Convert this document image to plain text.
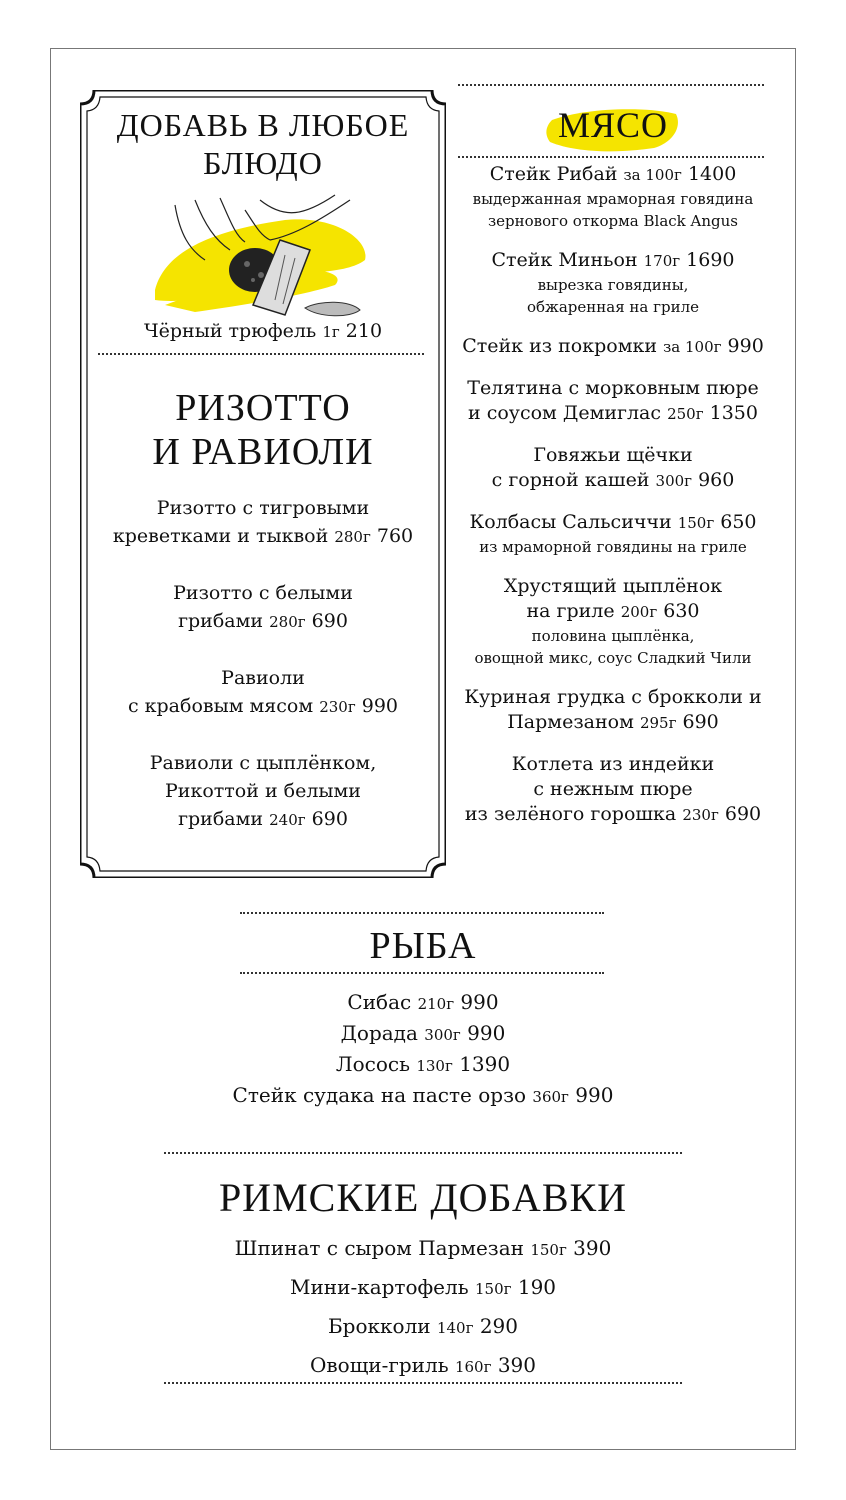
ДОБАВЬ В ЛЮБОЕ БЛЮДО
Чёрный трюфель 1г 210
РИЗОТТО
И РАВИОЛИ
Ризотто с тигровыми
креветками и тыквой 280г 760
Ризотто с белыми
грибами 280г 690
Равиоли
с крабовым мясом 230г 990
Равиоли с цыплёнком,
Рикоттой и белыми
грибами 240г 690
МЯСО
Стейк Рибай за 100г 1400
выдержанная мраморная говядина
зернового откорма Black Angus
Стейк Миньон 170г 1690
вырезка говядины,
обжаренная на гриле
Стейк из покромки за 100г 990
Телятина с морковным пюре
и соусом Демиглас 250г 1350
Говяжьи щёчки
с горной кашей 300г 960
Колбасы Сальсиччи 150г 650
из мраморной говядины на гриле
Хрустящий цыплёнок
на гриле 200г 630
половина цыплёнка,
овощной микс, соус Сладкий Чили
Куриная грудка с брокколи и
Пармезаном 295г 690
Котлета из индейки
с нежным пюре
из зелёного горошка 230г 690
РЫБА
Сибас 210г 990
Дорада 300г 990
Лосось 130г 1390
Стейк судака на пасте орзо 360г 990
РИМСКИЕ ДОБАВКИ
Шпинат с сыром Пармезан 150г 390
Мини-картофель 150г 190
Брокколи 140г 290
Овощи-гриль 160г 390
